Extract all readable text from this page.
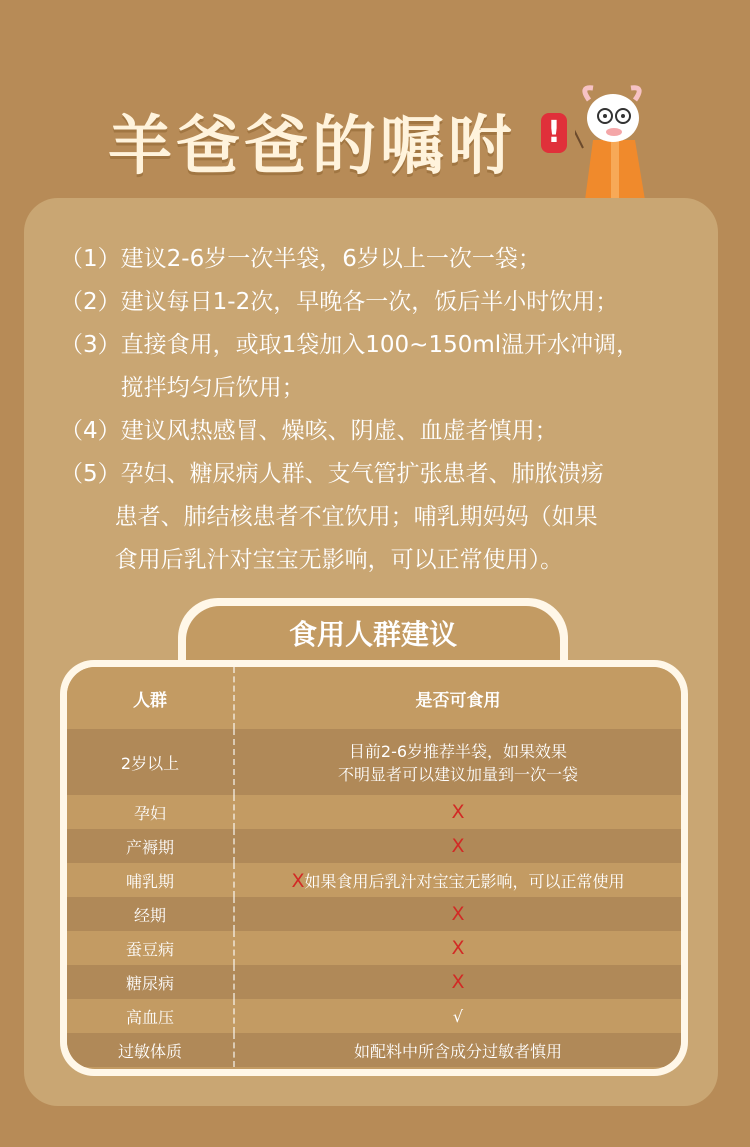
羊爸爸的嘱咐 !
（1） 建议2-6岁一次半袋，6岁以上一次一袋；
（2） 建议每日1-2次，早晚各一次，饭后半小时饮用；
（3） 直接食用，或取1袋加入100~150ml温开水冲调，
搅拌均匀后饮用；
（4） 建议风热感冒、燥咳、阴虚、血虚者慎用；
（5） 孕妇、糖尿病人群、支气管扩张患者、肺脓溃疡
患者、肺结核患者不宜饮用；哺乳期妈妈（如果
食用后乳汁对宝宝无影响，可以正常使用）。
食用人群建议
人群	是否可食用
2岁以上	目前2-6岁推荐半袋，如果效果
不明显者可以建议加量到一次一袋

孕妇	X
产褥期	X
哺乳期	X如果食用后乳汁对宝宝无影响，可以正常使用
经期	X
蚕豆病	X
糖尿病	X
高血压	√
过敏体质	如配料中所含成分过敏者慎用
